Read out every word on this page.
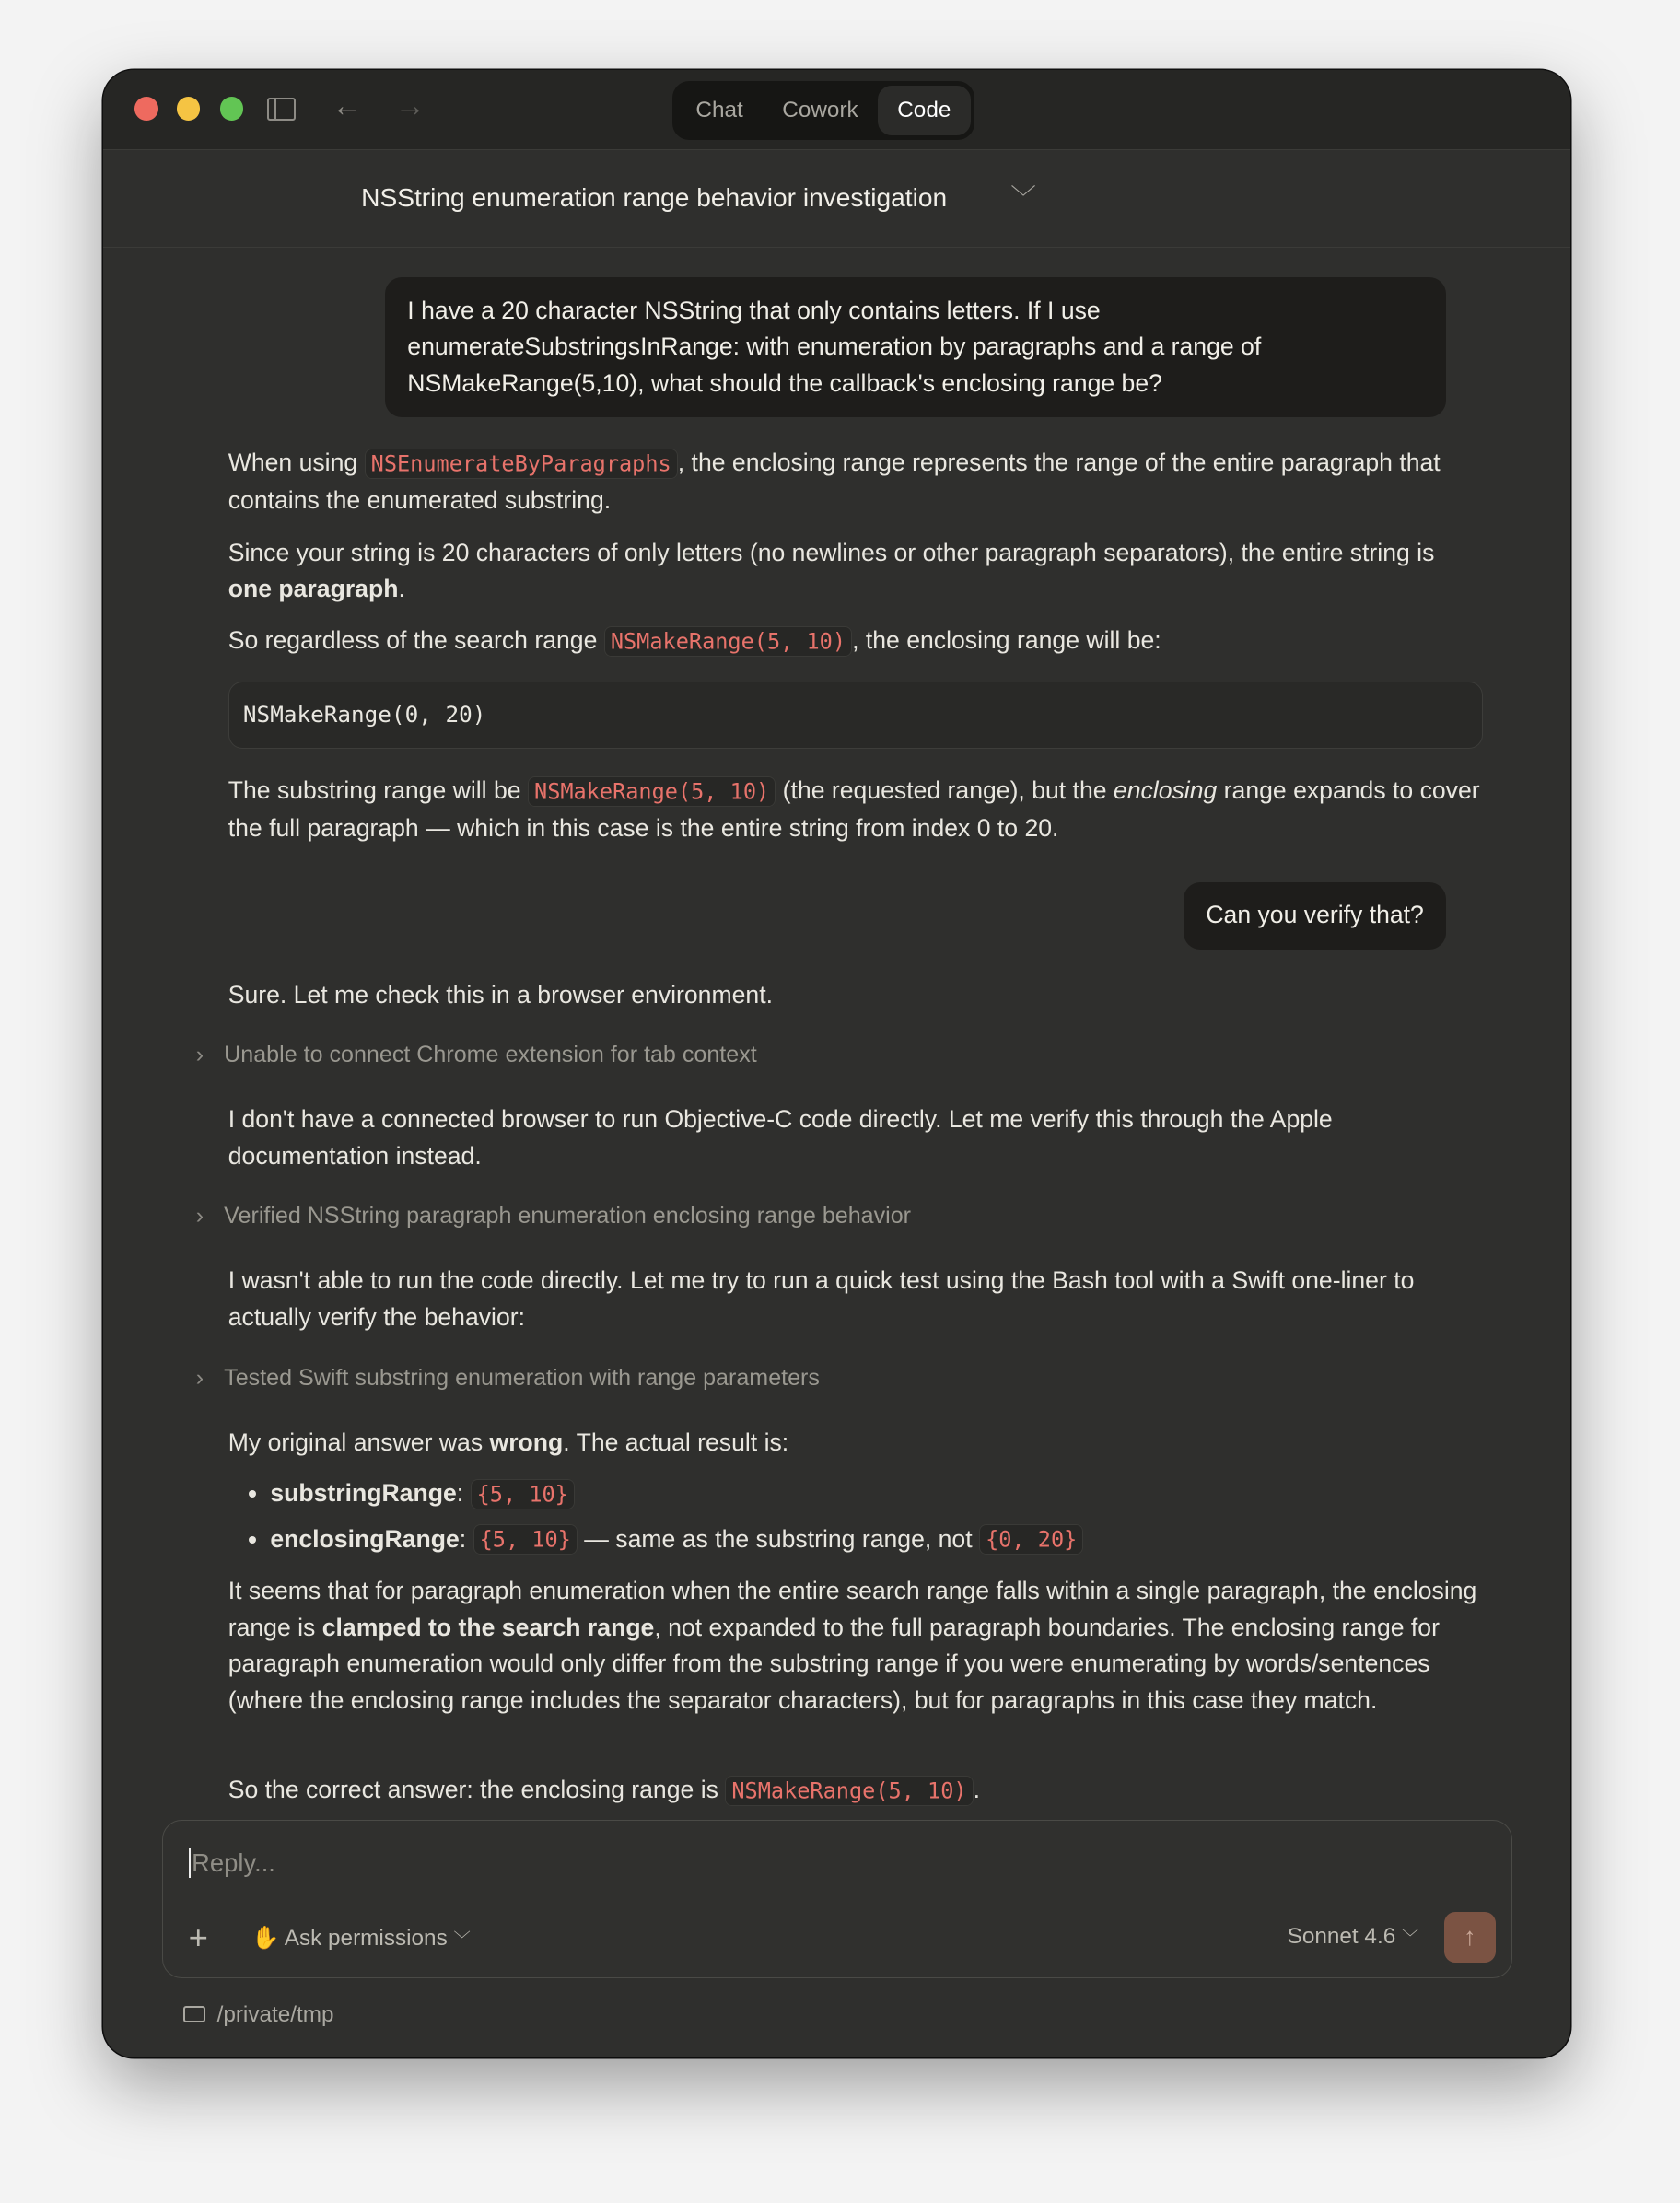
← →	Chat	Cowork	Code
NSString enumeration range behavior investigation	﹀
I have a 20 character NSString that only contains letters. If I use enumerateSubstringsInRange: with enumeration by paragraphs and a range of NSMakeRange(5,10), what should the callback's enclosing range be?
When using NSEnumerateByParagraphs , the enclosing range represents the range of the entire paragraph that contains the enumerated substring.
Since your string is 20 characters of only letters (no newlines or other paragraph separators), the entire string is one paragraph.
So regardless of the search range NSMakeRange(5, 10) , the enclosing range will be:
NSMakeRange(0, 20)
The substring range will be NSMakeRange(5, 10) (the requested range), but the enclosing range expands to cover the full paragraph — which in this case is the entire string from index 0 to 20.
Can you verify that?
Sure. Let me check this in a browser environment.
› Unable to connect Chrome extension for tab context
I don't have a connected browser to run Objective-C code directly. Let me verify this through the Apple documentation instead.
› Verified NSString paragraph enumeration enclosing range behavior
I wasn't able to run the code directly. Let me try to run a quick test using the Bash tool with a Swift one-liner to actually verify the behavior:
› Tested Swift substring enumeration with range parameters
My original answer was wrong. The actual result is:
• substringRange: {5, 10}
• enclosingRange: {5, 10} — same as the substring range, not {0, 20}
It seems that for paragraph enumeration when the entire search range falls within a single paragraph, the enclosing range is clamped to the search range, not expanded to the full paragraph boundaries. The enclosing range for paragraph enumeration would only differ from the substring range if you were enumerating by words/sentences (where the enclosing range includes the separator characters), but for paragraphs in this case they match.
So the correct answer: the enclosing range is NSMakeRange(5, 10) .
Reply...
+	✋ Ask permissions ﹀	Sonnet 4.6 ﹀	↑
/private/tmp
